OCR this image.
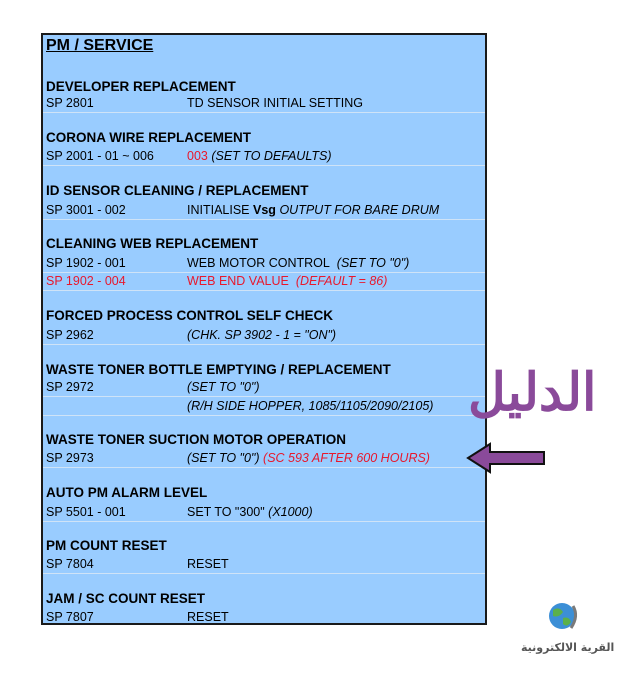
PM / SERVICE
DEVELOPER REPLACEMENT
SP 2801	TD SENSOR INITIAL SETTING
CORONA WIRE REPLACEMENT
SP 2001 - 01 ~ 006	003 (SET TO DEFAULTS)
ID SENSOR CLEANING / REPLACEMENT
SP 3001 - 002	INITIALISE Vsg OUTPUT FOR BARE DRUM
CLEANING WEB REPLACEMENT
SP 1902 - 001	WEB MOTOR CONTROL (SET TO "0")
SP 1902 - 004	WEB END VALUE (DEFAULT = 86)
FORCED PROCESS CONTROL SELF CHECK
SP 2962	(CHK. SP 3902 - 1 = "ON")
WASTE TONER BOTTLE EMPTYING / REPLACEMENT
SP 2972	(SET TO "0")
(R/H SIDE HOPPER, 1085/1105/2090/2105)
WASTE TONER SUCTION MOTOR OPERATION
SP 2973	(SET TO "0") (SC 593 AFTER 600 HOURS)
AUTO PM ALARM LEVEL
SP 5501 - 001	SET TO "300" (X1000)
PM COUNT RESET
SP 7804	RESET
JAM / SC COUNT RESET
SP 7807	RESET
الدليل
القرية الالكترونية
